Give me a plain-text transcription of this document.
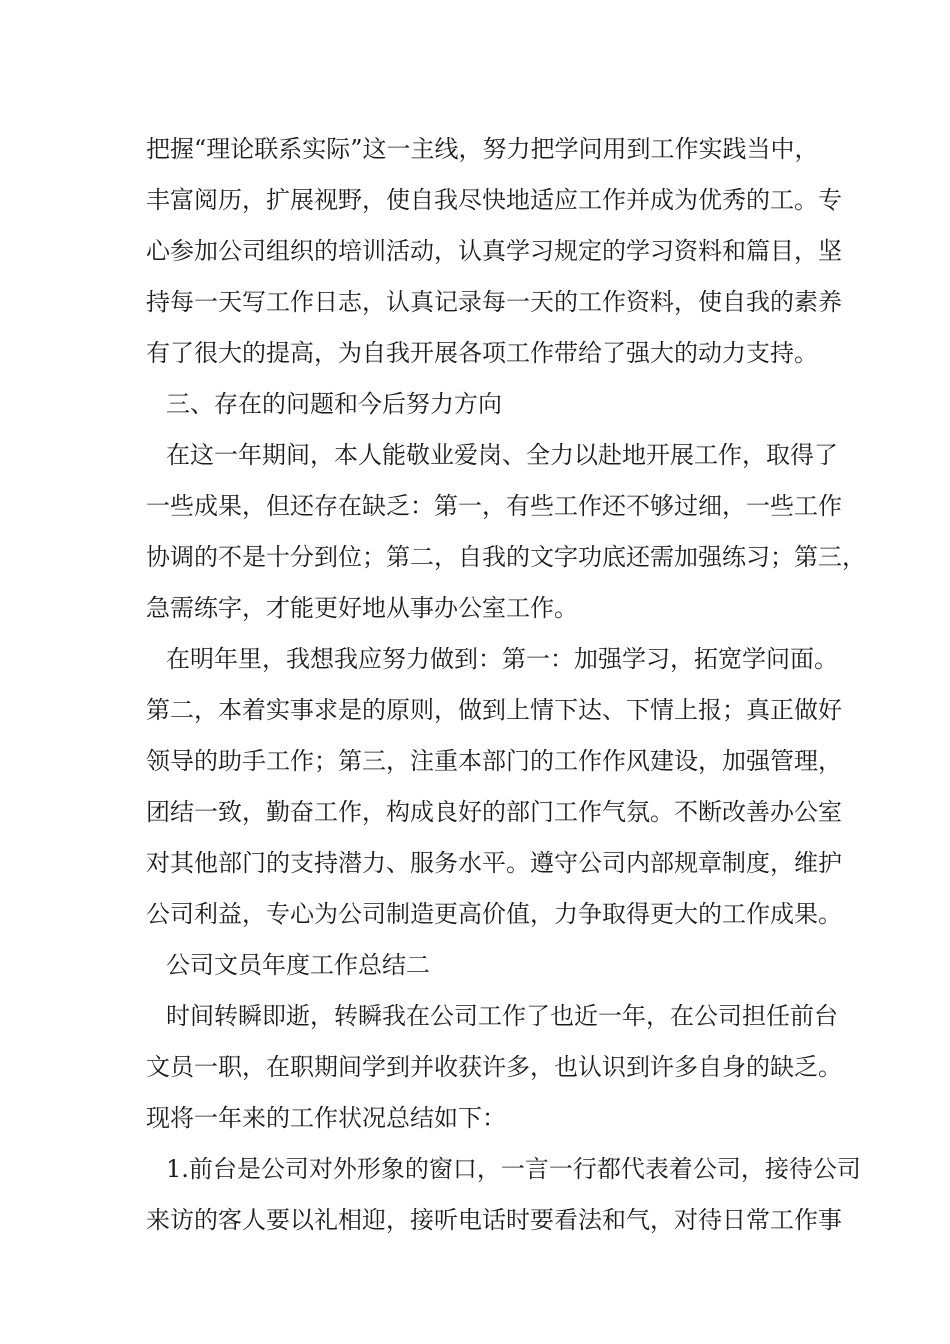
把握“理论联系实际”这一主线，努力把学问用到工作实践当中，
丰富阅历，扩展视野，使自我尽快地适应工作并成为优秀的工。专
心参加公司组织的培训活动，认真学习规定的学习资料和篇目，坚
持每一天写工作日志，认真记录每一天的工作资料，使自我的素养
有了很大的提高，为自我开展各项工作带给了强大的动力支持。
三、存在的问题和今后努力方向
在这一年期间，本人能敬业爱岗、全力以赴地开展工作，取得了
一些成果，但还存在缺乏：第一，有些工作还不够过细，一些工作
协调的不是十分到位；第二，自我的文字功底还需加强练习；第三，
急需练字，才能更好地从事办公室工作。
在明年里，我想我应努力做到：第一：加强学习，拓宽学问面。
第二，本着实事求是的原则，做到上情下达、下情上报；真正做好
领导的助手工作；第三，注重本部门的工作作风建设，加强管理，
团结一致，勤奋工作，构成良好的部门工作气氛。不断改善办公室
对其他部门的支持潜力、服务水平。遵守公司内部规章制度，维护
公司利益，专心为公司制造更高价值，力争取得更大的工作成果。
公司文员年度工作总结二
时间转瞬即逝，转瞬我在公司工作了也近一年，在公司担任前台
文员一职，在职期间学到并收获许多，也认识到许多自身的缺乏。
现将一年来的工作状况总结如下：
1.前台是公司对外形象的窗口，一言一行都代表着公司，接待公司
来访的客人要以礼相迎，接听电话时要看法和气，对待日常工作事
